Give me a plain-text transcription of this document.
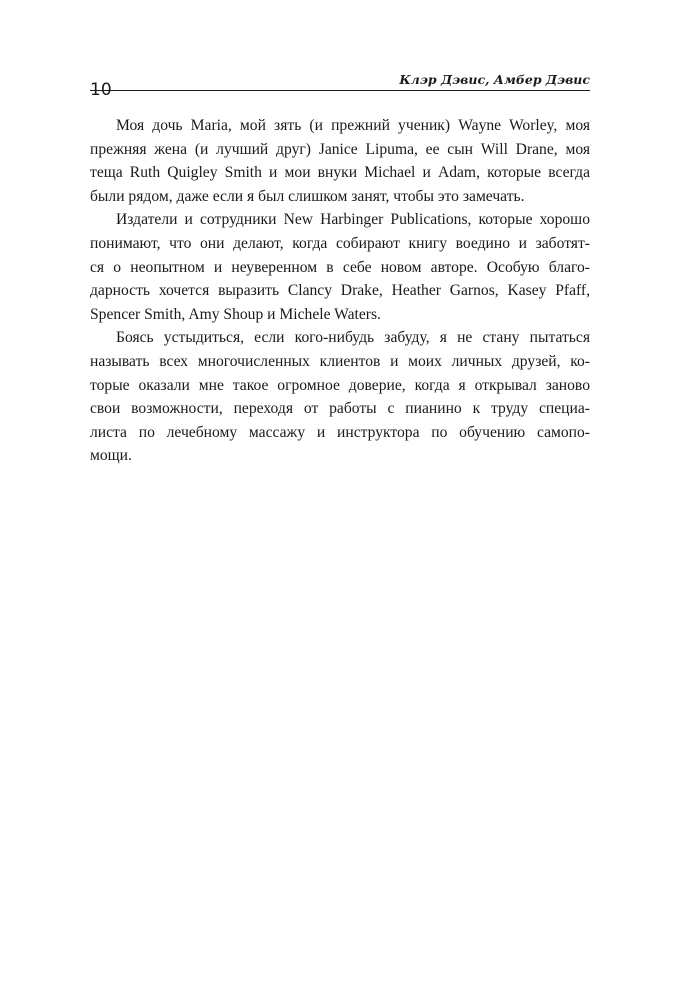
10
Клэр Дэвис, Амбер Дэвис

Моя дочь Maria, мой зять (и прежний ученик) Wayne Worley, моя
прежняя жена (и лучший друг) Janice Lipuma, ее сын Will Drane, моя
теща Ruth Quigley Smith и мои внуки Michael и Adam, которые всегда
были рядом, даже если я был слишком занят, чтобы это замечать.

Издатели и сотрудники New Harbinger Publications, которые хорошо
понимают, что они делают, когда собирают книгу воедино и заботят-
ся о неопытном и неуверенном в себе новом авторе. Особую благо-
дарность хочется выразить Clancy Drake, Heather Garnos, Kasey Pfaff,
Spencer Smith, Amy Shoup и Michele Waters.

Боясь устыдиться, если кого-нибудь забуду, я не стану пытаться
называть всех многочисленных клиентов и моих личных друзей, ко-
торые оказали мне такое огромное доверие, когда я открывал заново
свои возможности, переходя от работы с пианино к труду специа-
листа по лечебному массажу и инструктора по обучению самопо-
мощи.
